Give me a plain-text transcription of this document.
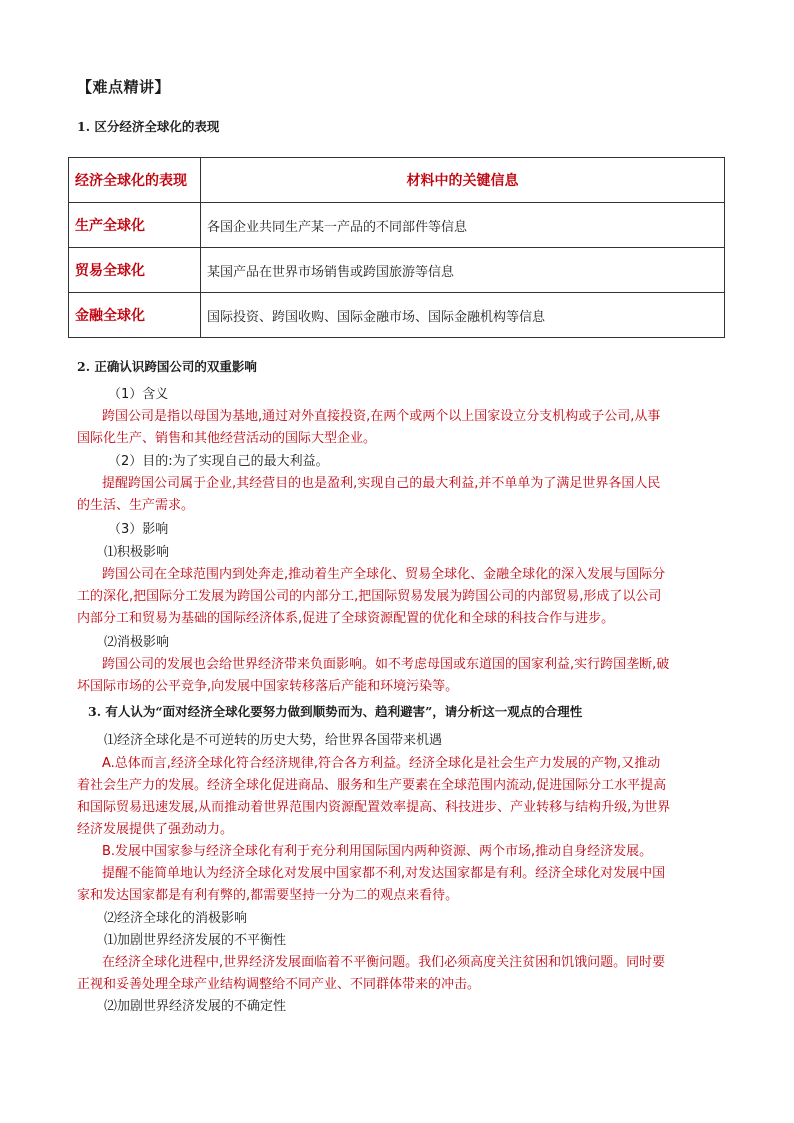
【难点精讲】
1. 区分经济全球化的表现
经济全球化的表现	材料中的关键信息
生产全球化	各国企业共同生产某一产品的不同部件等信息
贸易全球化	某国产品在世界市场销售或跨国旅游等信息
金融全球化	国际投资、跨国收购、国际金融市场、国际金融机构等信息
2. 正确认识跨国公司的双重影响
（1）含义
跨国公司是指以母国为基地,通过对外直接投资,在两个或两个以上国家设立分支机构或子公司,从事
国际化生产、销售和其他经营活动的国际大型企业。
（2）目的:为了实现自己的最大利益。
提醒跨国公司属于企业,其经营目的也是盈利,实现自己的最大利益,并不单单为了满足世界各国人民
的生活、生产需求。
（3）影响
⑴积极影响
跨国公司在全球范围内到处奔走,推动着生产全球化、贸易全球化、金融全球化的深入发展与国际分
工的深化,把国际分工发展为跨国公司的内部分工,把国际贸易发展为跨国公司的内部贸易,形成了以公司
内部分工和贸易为基础的国际经济体系,促进了全球资源配置的优化和全球的科技合作与进步。
⑵消极影响
跨国公司的发展也会给世界经济带来负面影响。如不考虑母国或东道国的国家利益,实行跨国垄断,破
坏国际市场的公平竞争,向发展中国家转移落后产能和环境污染等。
3. 有人认为“面对经济全球化要努力做到顺势而为、趋利避害”，请分析这一观点的合理性
⑴经济全球化是不可逆转的历史大势，给世界各国带来机遇
A.总体而言,经济全球化符合经济规律,符合各方利益。经济全球化是社会生产力发展的产物,又推动
着社会生产力的发展。经济全球化促进商品、服务和生产要素在全球范围内流动,促进国际分工水平提高
和国际贸易迅速发展,从而推动着世界范围内资源配置效率提高、科技进步、产业转移与结构升级,为世界
经济发展提供了强劲动力。
B.发展中国家参与经济全球化有利于充分利用国际国内两种资源、两个市场,推动自身经济发展。
提醒不能简单地认为经济全球化对发展中国家都不利,对发达国家都是有利。经济全球化对发展中国
家和发达国家都是有利有弊的,都需要坚持一分为二的观点来看待。
⑵经济全球化的消极影响
⑴加剧世界经济发展的不平衡性
在经济全球化进程中,世界经济发展面临着不平衡问题。我们必须高度关注贫困和饥饿问题。同时要
正视和妥善处理全球产业结构调整给不同产业、不同群体带来的冲击。
⑵加剧世界经济发展的不确定性
